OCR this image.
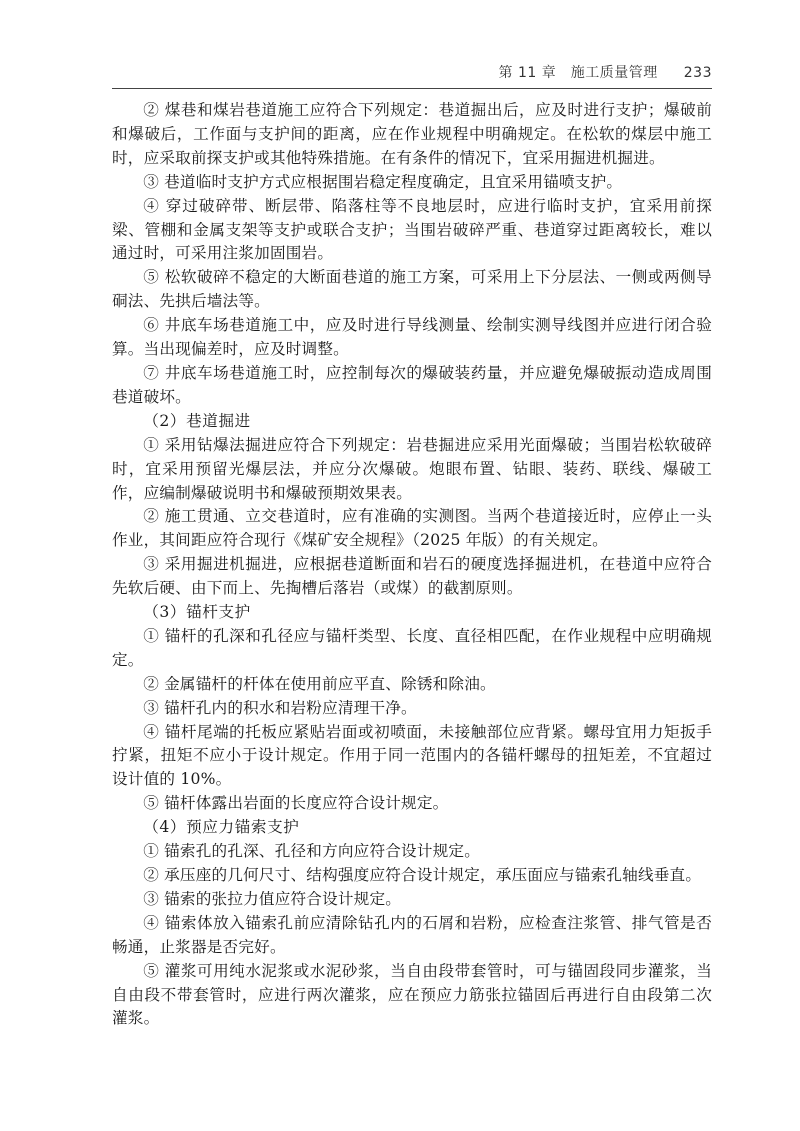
第 11 章　施工质量管理 233

② 煤巷和煤岩巷道施工应符合下列规定：巷道掘出后，应及时进行支护；爆破前和爆破后，工作面与支护间的距离，应在作业规程中明确规定。在松软的煤层中施工时，应采取前探支护或其他特殊措施。在有条件的情况下，宜采用掘进机掘进。

③ 巷道临时支护方式应根据围岩稳定程度确定，且宜采用锚喷支护。

④ 穿过破碎带、断层带、陷落柱等不良地层时，应进行临时支护，宜采用前探梁、管棚和金属支架等支护或联合支护；当围岩破碎严重、巷道穿过距离较长，难以通过时，可采用注浆加固围岩。

⑤ 松软破碎不稳定的大断面巷道的施工方案，可采用上下分层法、一侧或两侧导硐法、先拱后墙法等。

⑥ 井底车场巷道施工中，应及时进行导线测量、绘制实测导线图并应进行闭合验算。当出现偏差时，应及时调整。

⑦ 井底车场巷道施工时，应控制每次的爆破装药量，并应避免爆破振动造成周围巷道破坏。

（2）巷道掘进

① 采用钻爆法掘进应符合下列规定：岩巷掘进应采用光面爆破；当围岩松软破碎时，宜采用预留光爆层法，并应分次爆破。炮眼布置、钻眼、装药、联线、爆破工作，应编制爆破说明书和爆破预期效果表。

② 施工贯通、立交巷道时，应有准确的实测图。当两个巷道接近时，应停止一头作业，其间距应符合现行《煤矿安全规程》（2025 年版）的有关规定。

③ 采用掘进机掘进，应根据巷道断面和岩石的硬度选择掘进机，在巷道中应符合先软后硬、由下而上、先掏槽后落岩（或煤）的截割原则。

（3）锚杆支护

① 锚杆的孔深和孔径应与锚杆类型、长度、直径相匹配，在作业规程中应明确规定。

② 金属锚杆的杆体在使用前应平直、除锈和除油。

③ 锚杆孔内的积水和岩粉应清理干净。

④ 锚杆尾端的托板应紧贴岩面或初喷面，未接触部位应背紧。螺母宜用力矩扳手拧紧，扭矩不应小于设计规定。作用于同一范围内的各锚杆螺母的扭矩差，不宜超过设计值的 10%。

⑤ 锚杆体露出岩面的长度应符合设计规定。

（4）预应力锚索支护

① 锚索孔的孔深、孔径和方向应符合设计规定。

② 承压座的几何尺寸、结构强度应符合设计规定，承压面应与锚索孔轴线垂直。

③ 锚索的张拉力值应符合设计规定。

④ 锚索体放入锚索孔前应清除钻孔内的石屑和岩粉，应检查注浆管、排气管是否畅通，止浆器是否完好。

⑤ 灌浆可用纯水泥浆或水泥砂浆，当自由段带套管时，可与锚固段同步灌浆，当自由段不带套管时，应进行两次灌浆，应在预应力筋张拉锚固后再进行自由段第二次灌浆。
